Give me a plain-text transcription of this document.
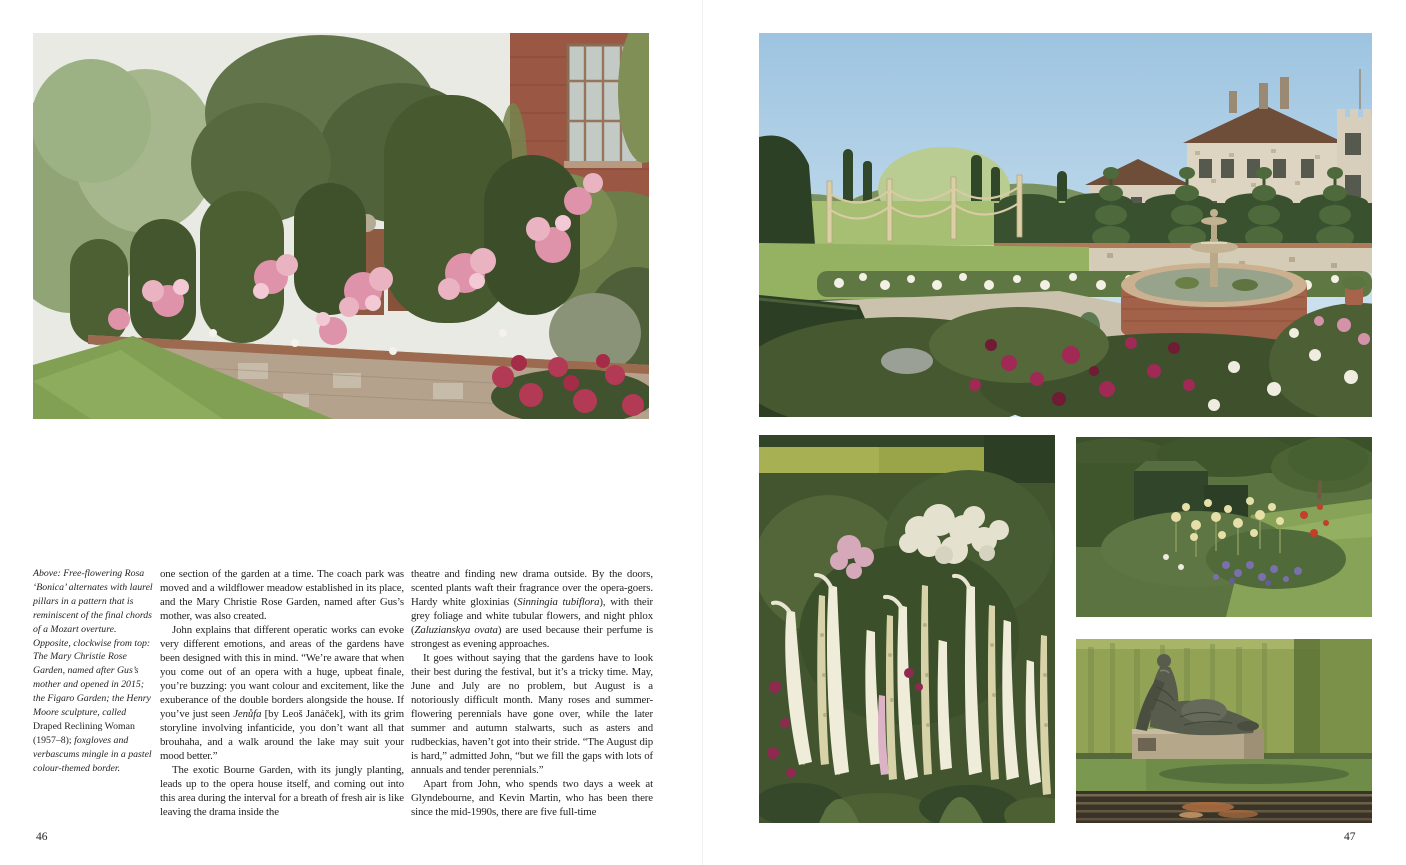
Above: Free-flowering Rosa ‘Bonica’ alternates with laurel pillars in a pattern that is reminiscent of the final chords of a Mozart overture. Opposite, clockwise from top: The Mary Christie Rose Garden, named after Gus’s mother and opened in 2015; the Figaro Garden; the Henry Moore sculpture, called Draped Reclining Woman (1957–8); foxgloves and verbascums mingle in a pastel colour-themed border.

one section of the garden at a time. The coach park was moved and a wildflower meadow established in its place, and the Mary Christie Rose Garden, named after Gus’s mother, was also created.

John explains that different operatic works can evoke very different emotions, and areas of the gardens have been designed with this in mind. “We’re aware that when you come out of an opera with a huge, upbeat finale, you’re buzzing: you want colour and excitement, like the exuberance of the double borders alongside the house. If you’ve just seen Jenůfa [by Leoš Janáček], with its grim storyline involving infanticide, you don’t want all that brouhaha, and a walk around the lake may suit your mood better.”

The exotic Bourne Garden, with its jungly planting, leads up to the opera house itself, and coming out into this area during the interval for a breath of fresh air is like leaving the drama inside the

theatre and finding new drama outside. By the doors, scented plants waft their fragrance over the opera-goers. Hardy white gloxinias (Sinningia tubiflora), with their grey foliage and white tubular flowers, and night phlox (Zaluzianskya ovata) are used because their perfume is strongest as evening approaches.

It goes without saying that the gardens have to look their best during the festival, but it’s a tricky time. May, June and July are no problem, but August is a notoriously difficult month. Many roses and summer-flowering perennials have gone over, while the later summer and autumn stalwarts, such as asters and rudbeckias, haven’t got into their stride. “The August dip is hard,” admitted John, “but we fill the gaps with lots of annuals and tender perennials.”

Apart from John, who spends two days a week at Glyndebourne, and Kevin Martin, who has been there since the mid-1990s, there are five full-time

46	47
